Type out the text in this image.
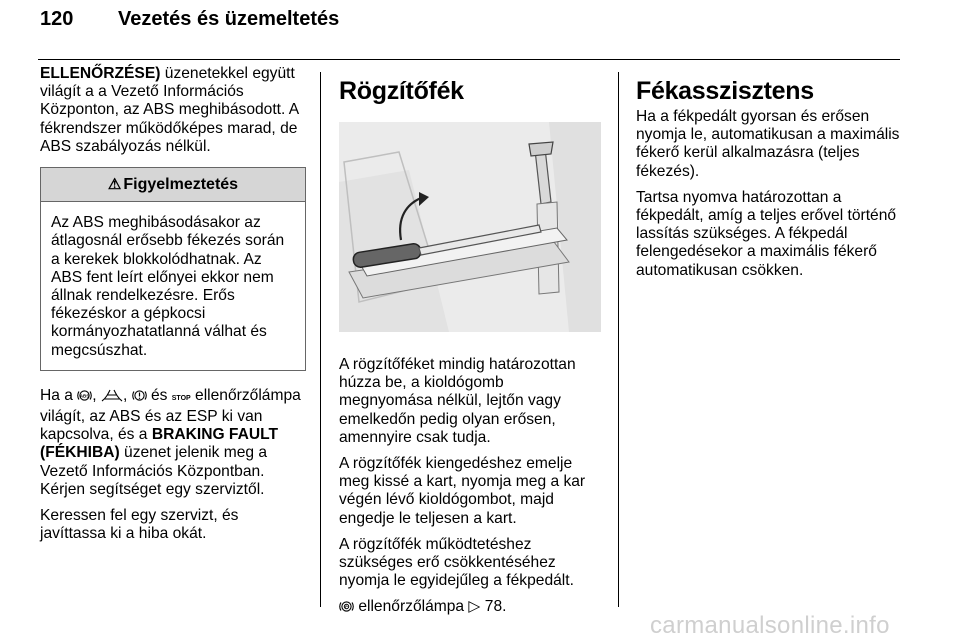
120 Vezetés és üzemeltetés

ELLENŐRZÉSE) üzenetekkel együtt világít a a Vezető Információs Központon, az ABS meghibásodott. A fékrendszer működőképes marad, de ABS szabályozás nélkül.

⚠ Figyelmeztetés
Az ABS meghibásodásakor az átlagosnál erősebb fékezés során a kerekek blokkolódhatnak. Az ABS fent leírt előnyei ekkor nem állnak rendelkezésre. Erős fékezéskor a gépkocsi kormányozhatatlanná válhat és megcsúszhat.

Ha a ABS , ,  és STOP ellenőrzőlámpa világít, az ABS és az ESP ki van kapcsolva, és a BRAKING FAULT (FÉKHIBA) üzenet jelenik meg a Vezető Információs Központban. Kérjen segítséget egy szerviztől.

Keressen fel egy szervizt, és javíttassa ki a hiba okát.

Rögzítőfék

A rögzítőféket mindig határozottan húzza be, a kioldógomb megnyomása nélkül, lejtőn vagy emelkedőn pedig olyan erősen, amennyire csak tudja.

A rögzítőfék kiengedéshez emelje meg kissé a kart, nyomja meg a kar végén lévő kioldógombot, majd engedje le teljesen a kart.

A rögzítőfék működtetéshez szükséges erő csökkentéséhez nyomja le egyidejűleg a fékpedált.

P ellenőrzőlámpa ▷ 78.

Fékasszisztens

Ha a fékpedált gyorsan és erősen nyomja le, automatikusan a maximális fékerő kerül alkalmazásra (teljes fékezés).

Tartsa nyomva határozottan a fékpedált, amíg a teljes erővel történő lassítás szükséges. A fékpedál felengedésekor a maximális fékerő automatikusan csökken.

carmanualsonline.info
